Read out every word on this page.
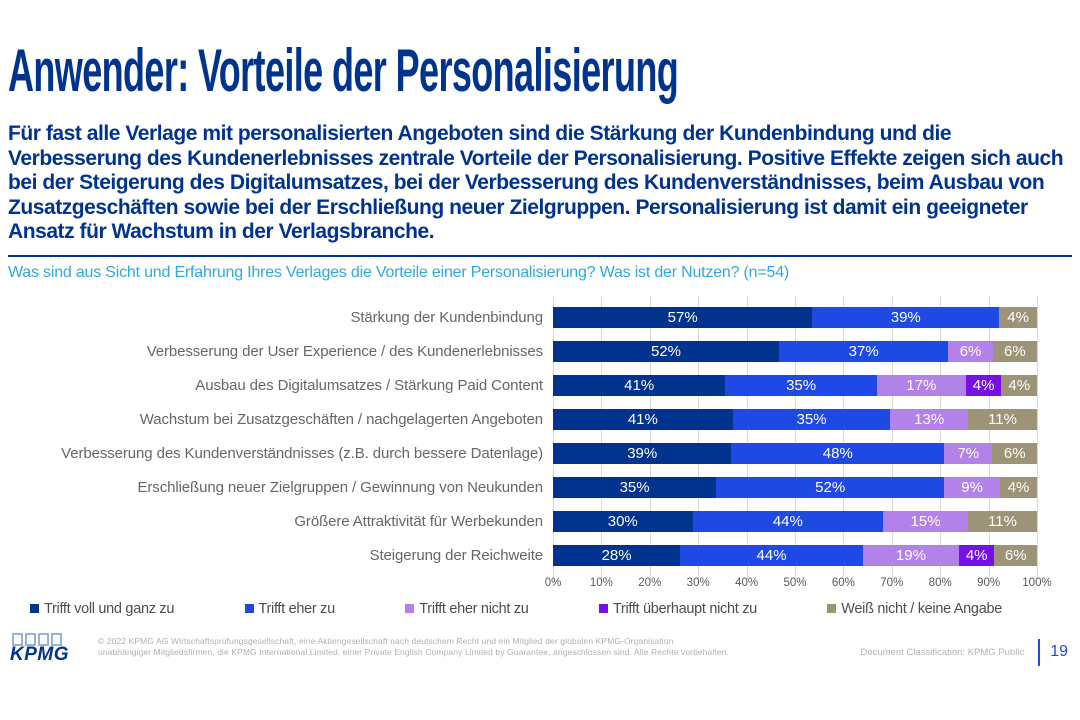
Anwender: Vorteile der Personalisierung

Für fast alle Verlage mit personalisierten Angeboten sind die Stärkung der Kundenbindung und die Verbesserung des Kundenerlebnisses zentrale Vorteile der Personalisierung. Positive Effekte zeigen sich auch bei der Steigerung des Digitalumsatzes, bei der Verbesserung des Kundenverständnisses, beim Ausbau von Zusatzgeschäften sowie bei der Erschließung neuer Zielgruppen. Personalisierung ist damit ein geeigneter Ansatz für Wachstum in der Verlagsbranche.

Was sind aus Sicht und Erfahrung Ihres Verlages die Vorteile einer Personalisierung? Was ist der Nutzen? (n=54)

Stärkung der Kundenbindung	57%	39%	4%
Verbesserung der User Experience / des Kundenerlebnisses	52%	37%	6% 6%
Ausbau des Digitalumsatzes / Stärkung Paid Content	41%	35%	17% 4% 4%
Wachstum bei Zusatzgeschäften / nachgelagerten Angeboten	41%	35%	13%	11%
Verbesserung des Kundenverständnisses (z.B. durch bessere Datenlage)	39%	48%	7% 6%
Erschließung neuer Zielgruppen / Gewinnung von Neukunden	35%	52%	9% 4%
Größere Attraktivität für Werbekunden	30%	44%	15%	11%
Steigerung der Reichweite	28%	44%	19%	4% 6%
0% 10% 20% 30% 40% 50% 60% 70% 80% 90% 100%
Trifft voll und ganz zu	Trifft eher zu	Trifft eher nicht zu	Trifft überhaupt nicht zu	Weiß nicht / keine Angabe
KPMG
© 2022 KPMG AG Wirtschaftsprüfungsgesellschaft, eine Aktiengesellschaft nach deutschem Recht und ein Mitglied der globalen KPMG-Organisation
unabhängiger Mitgliedsfirmen, die KPMG International Limited, einer Private English Company Limited by Guarantee, angeschlossen sind. Alle Rechte vorbehalten.	Document Classification: KPMG Public 19
